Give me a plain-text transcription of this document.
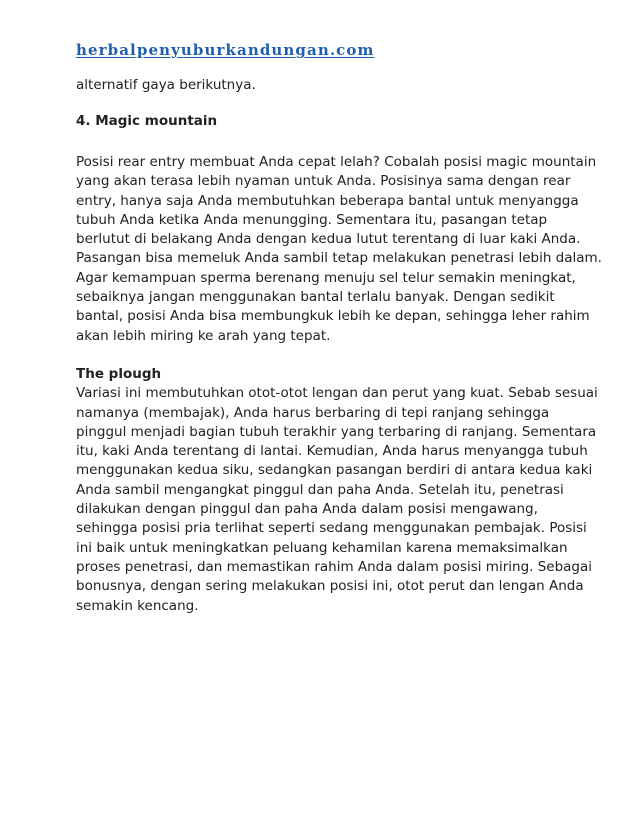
herbalpenyuburkandungan.com

alternatif gaya berikutnya.

4. Magic mountain

Posisi rear entry membuat Anda cepat lelah? Cobalah posisi magic mountain
yang akan terasa lebih nyaman untuk Anda. Posisinya sama dengan rear
entry, hanya saja Anda membutuhkan beberapa bantal untuk menyangga
tubuh Anda ketika Anda menungging. Sementara itu, pasangan tetap
berlutut di belakang Anda dengan kedua lutut terentang di luar kaki Anda.
Pasangan bisa memeluk Anda sambil tetap melakukan penetrasi lebih dalam.
Agar kemampuan sperma berenang menuju sel telur semakin meningkat,
sebaiknya jangan menggunakan bantal terlalu banyak. Dengan sedikit
bantal, posisi Anda bisa membungkuk lebih ke depan, sehingga leher rahim
akan lebih miring ke arah yang tepat.

The plough

Variasi ini membutuhkan otot-otot lengan dan perut yang kuat. Sebab sesuai
namanya (membajak), Anda harus berbaring di tepi ranjang sehingga
pinggul menjadi bagian tubuh terakhir yang terbaring di ranjang. Sementara
itu, kaki Anda terentang di lantai. Kemudian, Anda harus menyangga tubuh
menggunakan kedua siku, sedangkan pasangan berdiri di antara kedua kaki
Anda sambil mengangkat pinggul dan paha Anda. Setelah itu, penetrasi
dilakukan dengan pinggul dan paha Anda dalam posisi mengawang,
sehingga posisi pria terlihat seperti sedang menggunakan pembajak. Posisi
ini baik untuk meningkatkan peluang kehamilan karena memaksimalkan
proses penetrasi, dan memastikan rahim Anda dalam posisi miring. Sebagai
bonusnya, dengan sering melakukan posisi ini, otot perut dan lengan Anda
semakin kencang.
